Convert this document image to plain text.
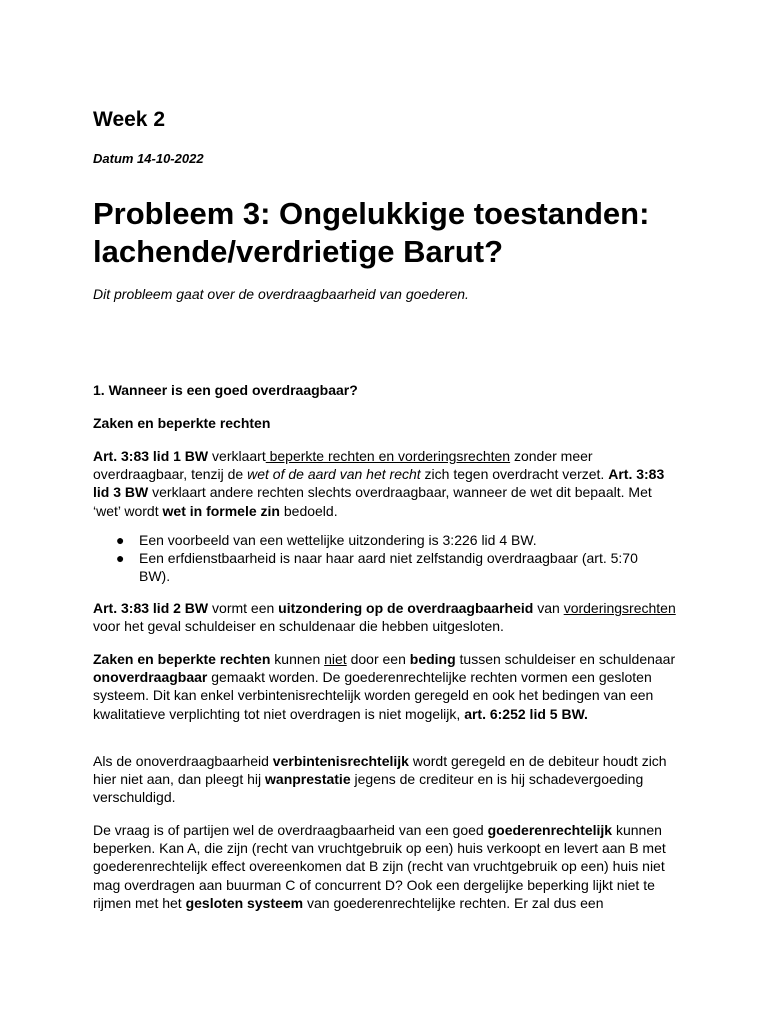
Week 2

Datum 14-10-2022

Probleem 3: Ongelukkige toestanden: lachende/verdrietige Barut?

Dit probleem gaat over de overdraagbaarheid van goederen.

1. Wanneer is een goed overdraagbaar?

Zaken en beperkte rechten

Art. 3:83 lid 1 BW verklaart beperkte rechten en vorderingsrechten zonder meer overdraagbaar, tenzij de wet of de aard van het recht zich tegen overdracht verzet. Art. 3:83 lid 3 BW verklaart andere rechten slechts overdraagbaar, wanneer de wet dit bepaalt. Met ‘wet’ wordt wet in formele zin bedoeld.

● Een voorbeeld van een wettelijke uitzondering is 3:226 lid 4 BW.
● Een erfdienstbaarheid is naar haar aard niet zelfstandig overdraagbaar (art. 5:70 BW).

Art. 3:83 lid 2 BW vormt een uitzondering op de overdraagbaarheid van vorderingsrechten voor het geval schuldeiser en schuldenaar die hebben uitgesloten.

Zaken en beperkte rechten kunnen niet door een beding tussen schuldeiser en schuldenaar onoverdraagbaar gemaakt worden. De goederenrechtelijke rechten vormen een gesloten systeem. Dit kan enkel verbintenisrechtelijk worden geregeld en ook het bedingen van een kwalitatieve verplichting tot niet overdragen is niet mogelijk, art. 6:252 lid 5 BW.

Als de onoverdraagbaarheid verbintenisrechtelijk wordt geregeld en de debiteur houdt zich hier niet aan, dan pleegt hij wanprestatie jegens de crediteur en is hij schadevergoeding verschuldigd.

De vraag is of partijen wel de overdraagbaarheid van een goed goederenrechtelijk kunnen beperken. Kan A, die zijn (recht van vruchtgebruik op een) huis verkoopt en levert aan B met goederenrechtelijk effect overeenkomen dat B zijn (recht van vruchtgebruik op een) huis niet mag overdragen aan buurman C of concurrent D? Ook een dergelijke beperking lijkt niet te rijmen met het gesloten systeem van goederenrechtelijke rechten. Er zal dus een
